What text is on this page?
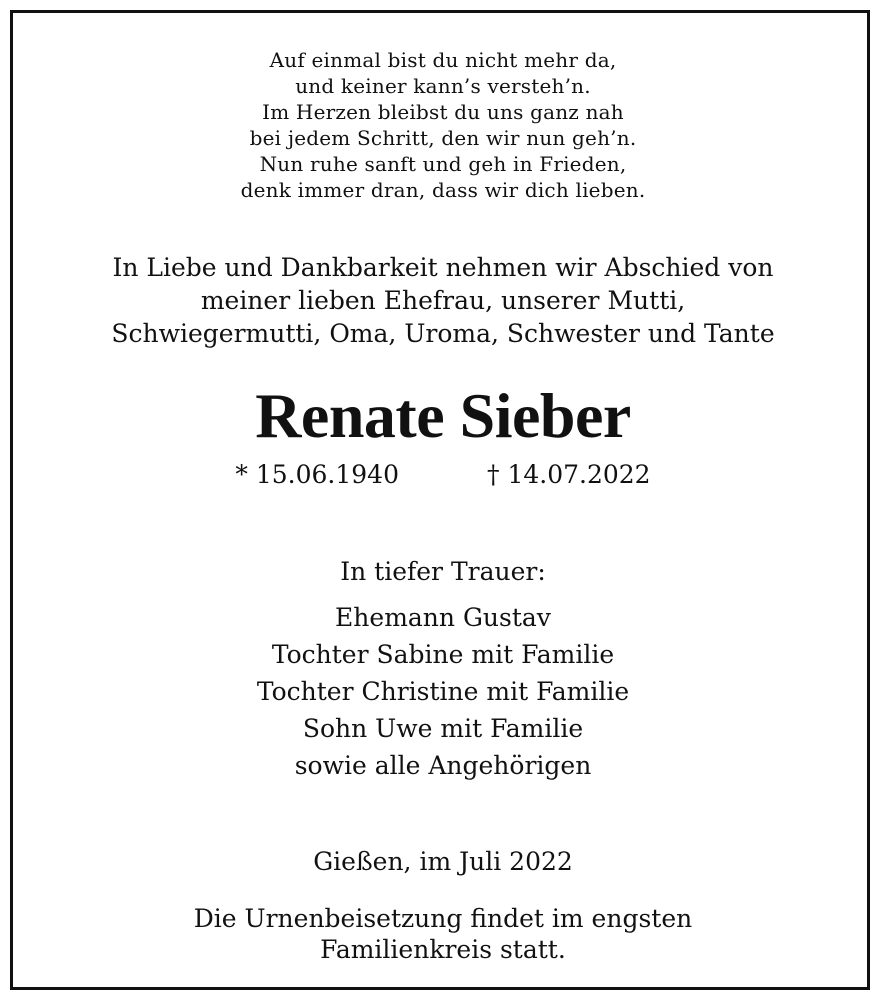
Auf einmal bist du nicht mehr da,
und keiner kann’s versteh’n.
Im Herzen bleibst du uns ganz nah
bei jedem Schritt, den wir nun geh’n.
Nun ruhe sanft und geh in Frieden,
denk immer dran, dass wir dich lieben.
In Liebe und Dankbarkeit nehmen wir Abschied von
meiner lieben Ehefrau, unserer Mutti,
Schwiegermutti, Oma, Uroma, Schwester und Tante
Renate Sieber
* 15.06.1940	† 14.07.2022
In tiefer Trauer:
Ehemann Gustav
Tochter Sabine mit Familie
Tochter Christine mit Familie
Sohn Uwe mit Familie
sowie alle Angehörigen
Gießen, im Juli 2022
Die Urnenbeisetzung findet im engsten
Familienkreis statt.
